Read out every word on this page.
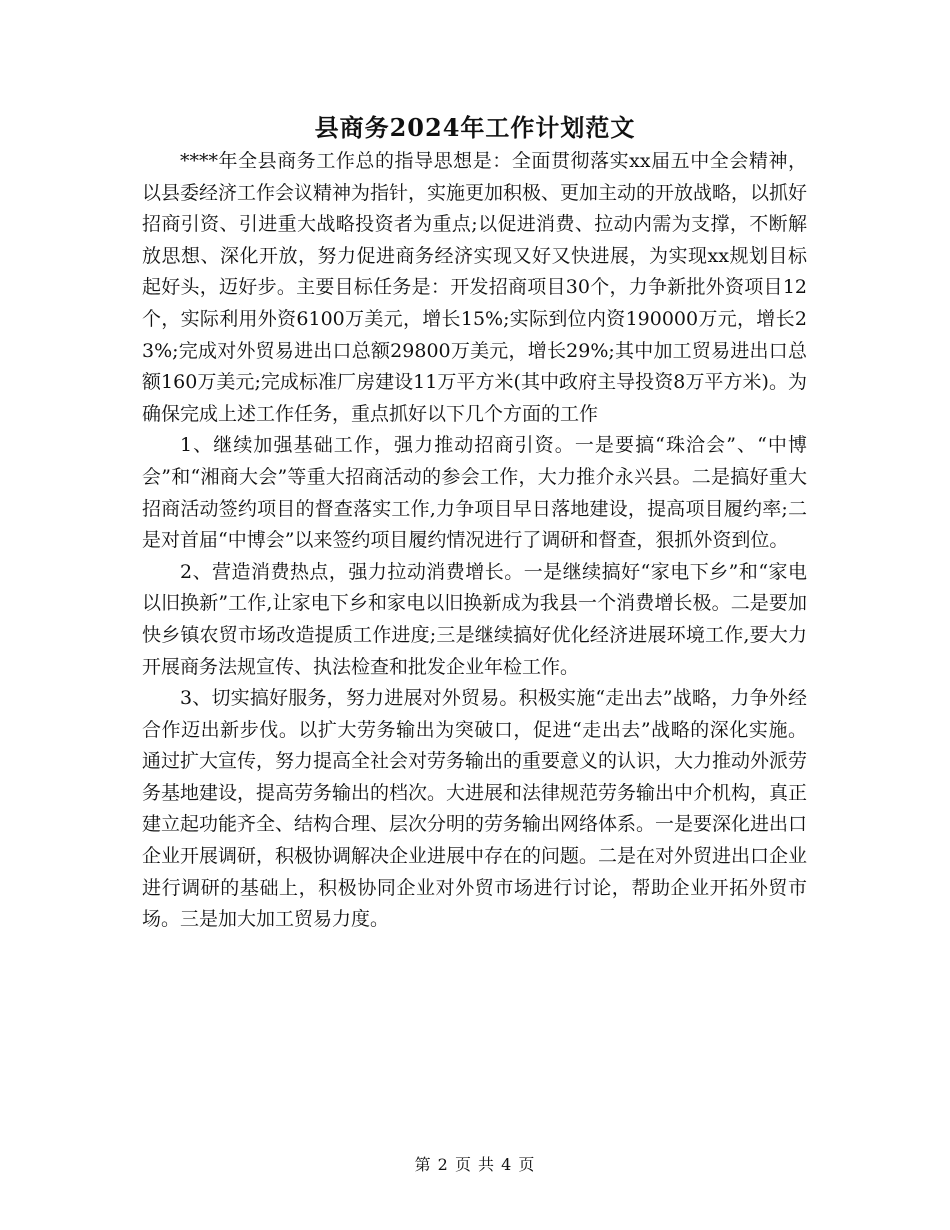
县商务2024年工作计划范文

****年全县商务工作总的指导思想是：全面贯彻落实xx届五中全会精神，以县委经济工作会议精神为指针，实施更加积极、更加主动的开放战略，以抓好招商引资、引进重大战略投资者为重点;以促进消费、拉动内需为支撑，不断解放思想、深化开放，努力促进商务经济实现又好又快进展，为实现xx规划目标起好头，迈好步。主要目标任务是：开发招商项目30个，力争新批外资项目12个，实际利用外资6100万美元，增长15%;实际到位内资190000万元，增长23%;完成对外贸易进出口总额29800万美元，增长29%;其中加工贸易进出口总额160万美元;完成标准厂房建设11万平方米(其中政府主导投资8万平方米)。为确保完成上述工作任务，重点抓好以下几个方面的工作

1、继续加强基础工作，强力推动招商引资。一是要搞“珠洽会”、“中博会”和“湘商大会”等重大招商活动的参会工作，大力推介永兴县。二是搞好重大招商活动签约项目的督查落实工作,力争项目早日落地建设，提高项目履约率;二是对首届“中博会”以来签约项目履约情况进行了调研和督查，狠抓外资到位。

2、营造消费热点，强力拉动消费增长。一是继续搞好“家电下乡”和“家电以旧换新”工作,让家电下乡和家电以旧换新成为我县一个消费增长极。二是要加快乡镇农贸市场改造提质工作进度;三是继续搞好优化经济进展环境工作,要大力开展商务法规宣传、执法检查和批发企业年检工作。

3、切实搞好服务，努力进展对外贸易。积极实施“走出去”战略，力争外经合作迈出新步伐。以扩大劳务输出为突破口，促进“走出去”战略的深化实施。通过扩大宣传，努力提高全社会对劳务输出的重要意义的认识，大力推动外派劳务基地建设，提高劳务输出的档次。大进展和法律规范劳务输出中介机构，真正建立起功能齐全、结构合理、层次分明的劳务输出网络体系。一是要深化进出口企业开展调研，积极协调解决企业进展中存在的问题。二是在对外贸进出口企业进行调研的基础上，积极协同企业对外贸市场进行讨论，帮助企业开拓外贸市场。三是加大加工贸易力度。

第 2 页 共 4 页
